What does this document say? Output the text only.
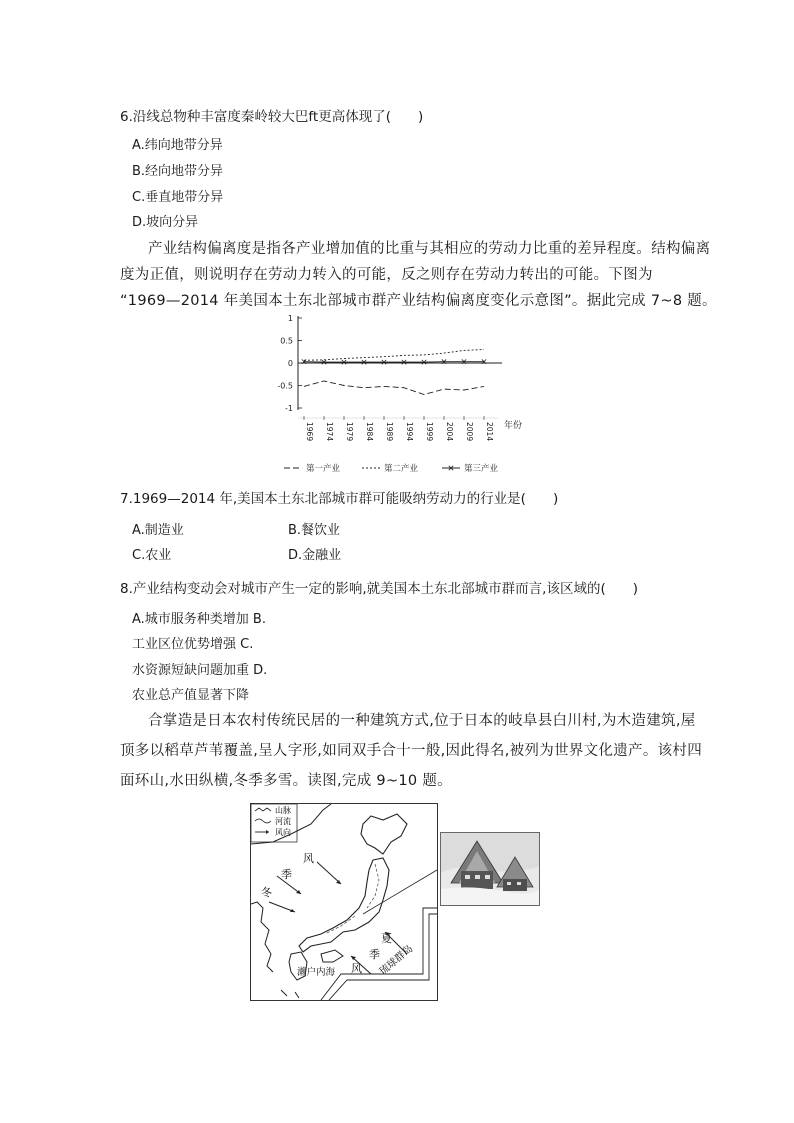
6.沿线总物种丰富度秦岭较大巴ft更高体现了(　　)
A.纬向地带分异
B.经向地带分异
C.垂直地带分异
D.坡向分异
产业结构偏离度是指各产业增加值的比重与其相应的劳动力比重的差异程度。结构偏离
度为正值，则说明存在劳动力转入的可能，反之则存在劳动力转出的可能。下图为
“1969—2014 年美国本土东北部城市群产业结构偏离度变化示意图”。据此完成 7~8 题。
1
0.5
0
-0.5
-1
1969 1974 1979 1984 1989 1994 1999 2004 2009 2014 年份
第一产业	第二产业	第三产业
7.1969—2014 年,美国本土东北部城市群可能吸纳劳动力的行业是(　　)
A.制造业	B.餐饮业
C.农业	D.金融业
8.产业结构变动会对城市产生一定的影响,就美国本土东北部城市群而言,该区域的(　　)
A.城市服务种类增加 B.
工业区位优势增强 C.
水资源短缺问题加重 D.
农业总产值显著下降
合掌造是日本农村传统民居的一种建筑方式,位于日本的岐阜县白川村,为木造建筑,屋
顶多以稻草芦苇覆盖,呈人字形,如同双手合十一般,因此得名,被列为世界文化遗产。该村四
面环山,水田纵横,冬季多雪。读图,完成 9~10 题。
山脉
河流
风向
风
季
冬
夏
季
风
濑户内海	琉球群岛
